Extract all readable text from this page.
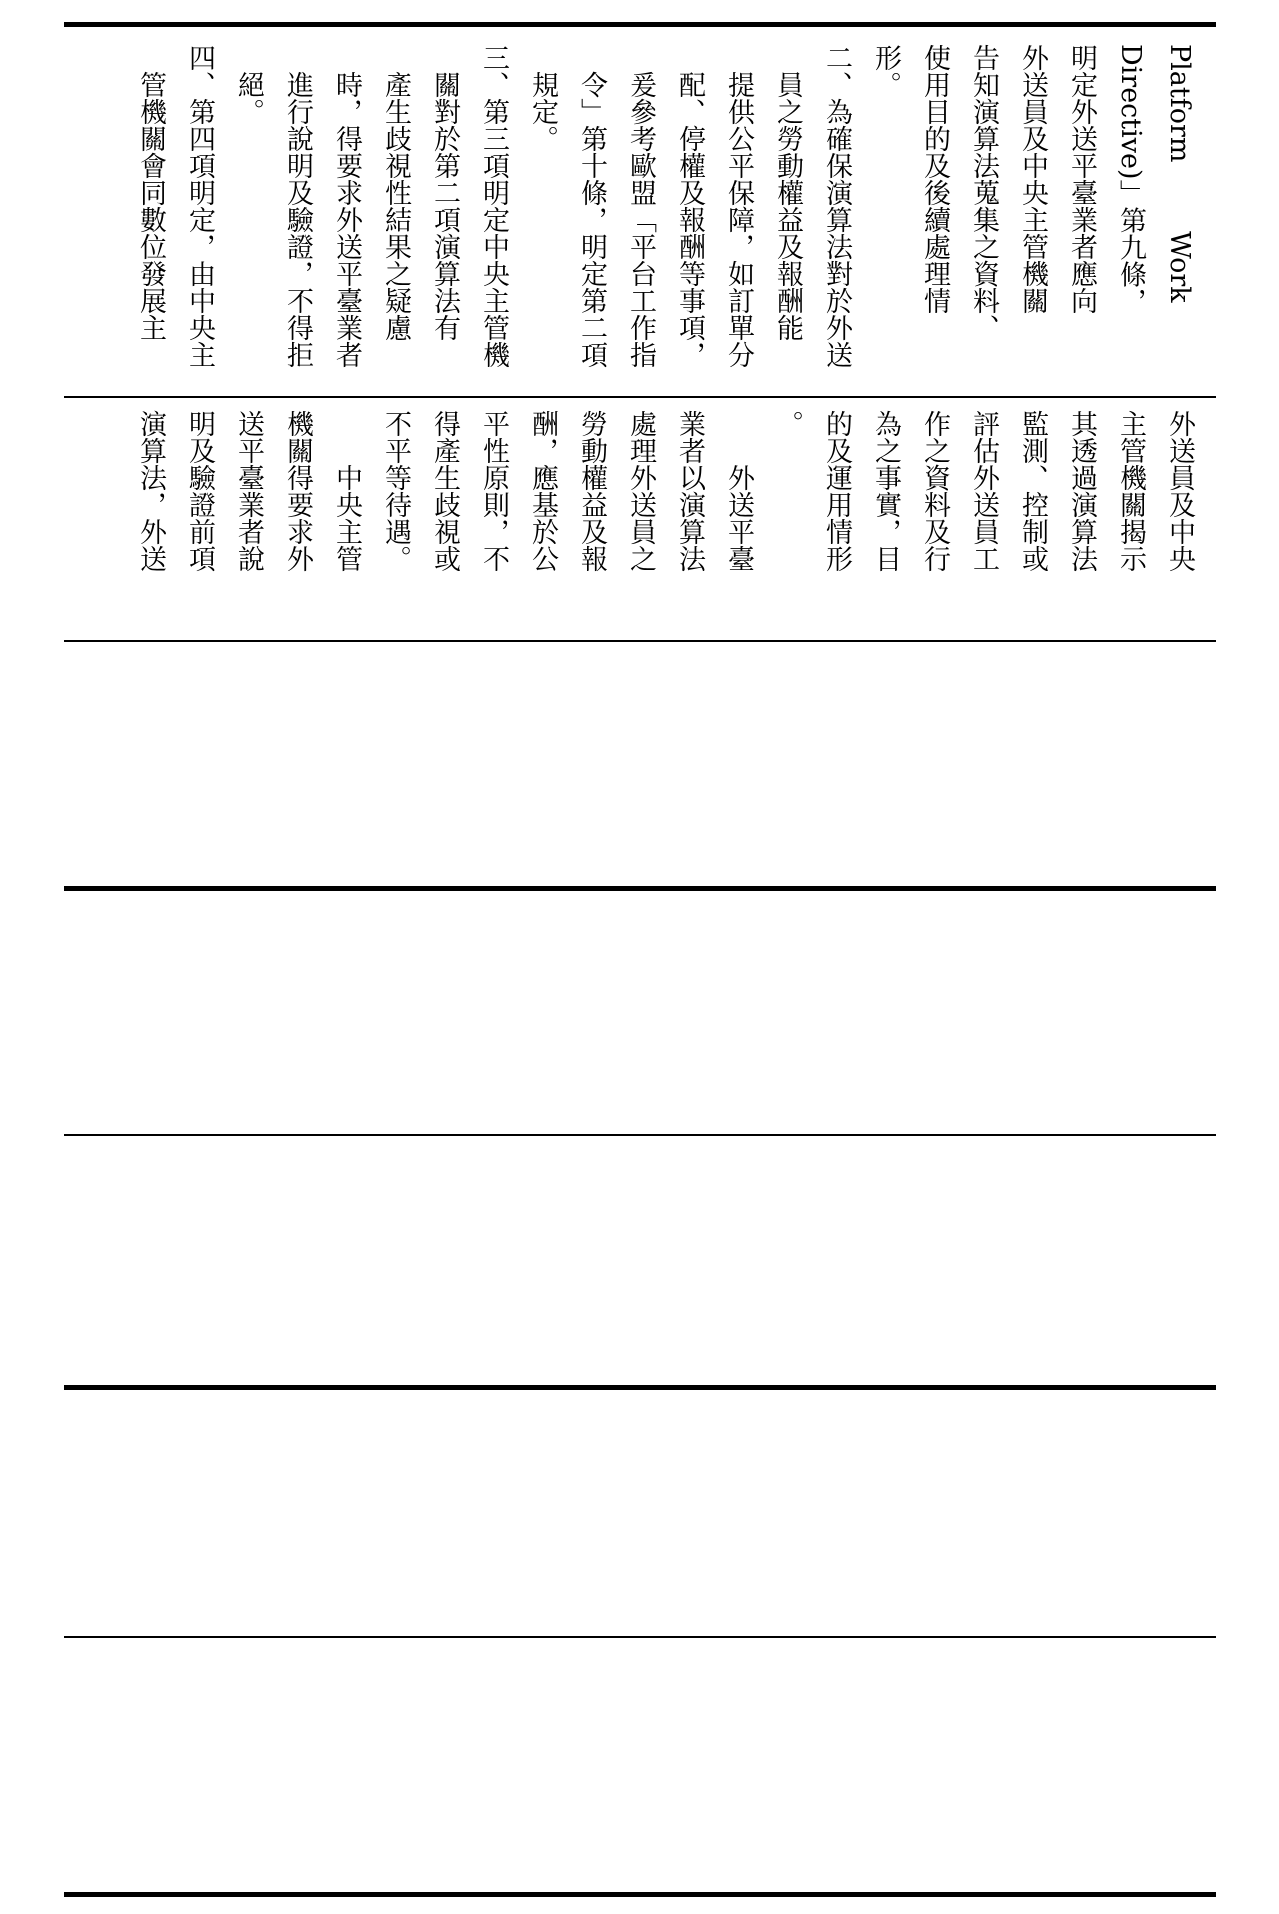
Platform        Work
Directive)」第九條，
明定外送平臺業者應向
外送員及中央主管機關
告知演算法蒐集之資料、
使用目的及後續處理情
形。
二、為確保演算法對於外送
員之勞動權益及報酬能
提供公平保障，如訂單分
配、停權及報酬等事項，
爰參考歐盟「平台工作指
令」第十條，明定第二項
規定。
三、第三項明定中央主管機
關對於第二項演算法有
產生歧視性結果之疑慮
時，得要求外送平臺業者
進行說明及驗證，不得拒
絕。
四、第四項明定，由中央主
管機關會同數位發展主
外送員及中央
主管機關揭示
其透過演算法
監測、控制或
評估外送員工
作之資料及行
為之事實，目
的及運用情形
。
　　外送平臺
業者以演算法
處理外送員之
勞動權益及報
酬，應基於公
平性原則，不
得產生歧視或
不平等待遇。
　　中央主管
機關得要求外
送平臺業者說
明及驗證前項
演算法，外送
